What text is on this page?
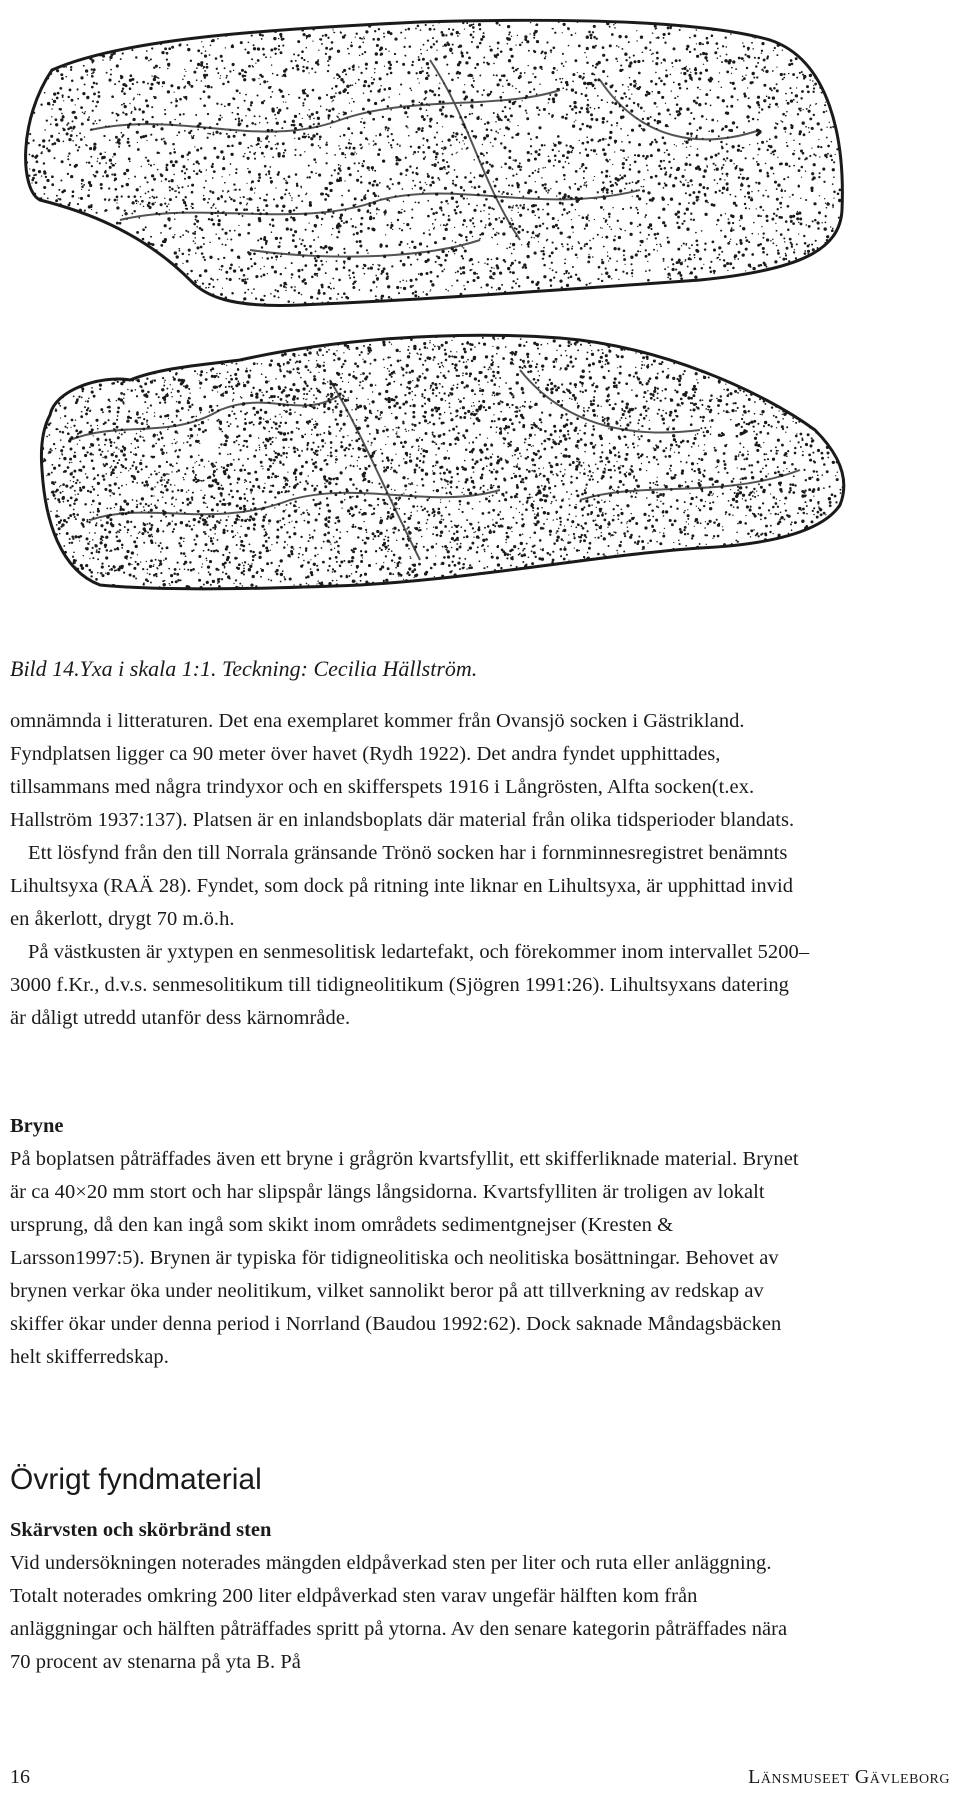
Bild 14.Yxa i skala 1:1. Teckning: Cecilia Hällström.

omnämnda i litteraturen. Det ena exemplaret kommer från Ovansjö socken i Gästrikland. Fyndplatsen ligger ca 90 meter över havet (Rydh 1922). Det andra fyndet upphittades, tillsammans med några trindyxor och en skifferspets 1916 i Långrösten, Alfta socken(t.ex. Hallström 1937:137). Platsen är en inlandsboplats där material från olika tidsperioder blandats.

Ett lösfynd från den till Norrala gränsande Trönö socken har i fornminnesregistret benämnts Lihultsyxa (RAÄ 28). Fyndet, som dock på ritning inte liknar en Lihultsyxa, är upphittad invid en åkerlott, drygt 70 m.ö.h.

På västkusten är yxtypen en senmesolitisk ledartefakt, och förekommer inom intervallet 5200–3000 f.Kr., d.v.s. senmesolitikum till tidigneolitikum (Sjögren 1991:26). Lihultsyxans datering är dåligt utredd utanför dess kärnområde.

Bryne

På boplatsen påträffades även ett bryne i grågrön kvartsfyllit, ett skifferliknade material. Brynet är ca 40×20 mm stort och har slipspår längs långsidorna. Kvartsfylliten är troligen av lokalt ursprung, då den kan ingå som skikt inom områdets sedimentgnejser (Kresten & Larsson1997:5). Brynen är typiska för tidigneolitiska och neolitiska bosättningar. Behovet av brynen verkar öka under neolitikum, vilket sannolikt beror på att tillverkning av redskap av skiffer ökar under denna period i Norrland (Baudou 1992:62). Dock saknade Måndagsbäcken helt skifferredskap.

Övrigt fyndmaterial

Skärvsten och skörbränd sten

Vid undersökningen noterades mängden eldpåverkad sten per liter och ruta eller anläggning. Totalt noterades omkring 200 liter eldpåverkad sten varav ungefär hälften kom från anläggningar och hälften påträffades spritt på ytorna. Av den senare kategorin påträffades nära 70 procent av stenarna på yta B. På

16	Länsmuseet Gävleborg
